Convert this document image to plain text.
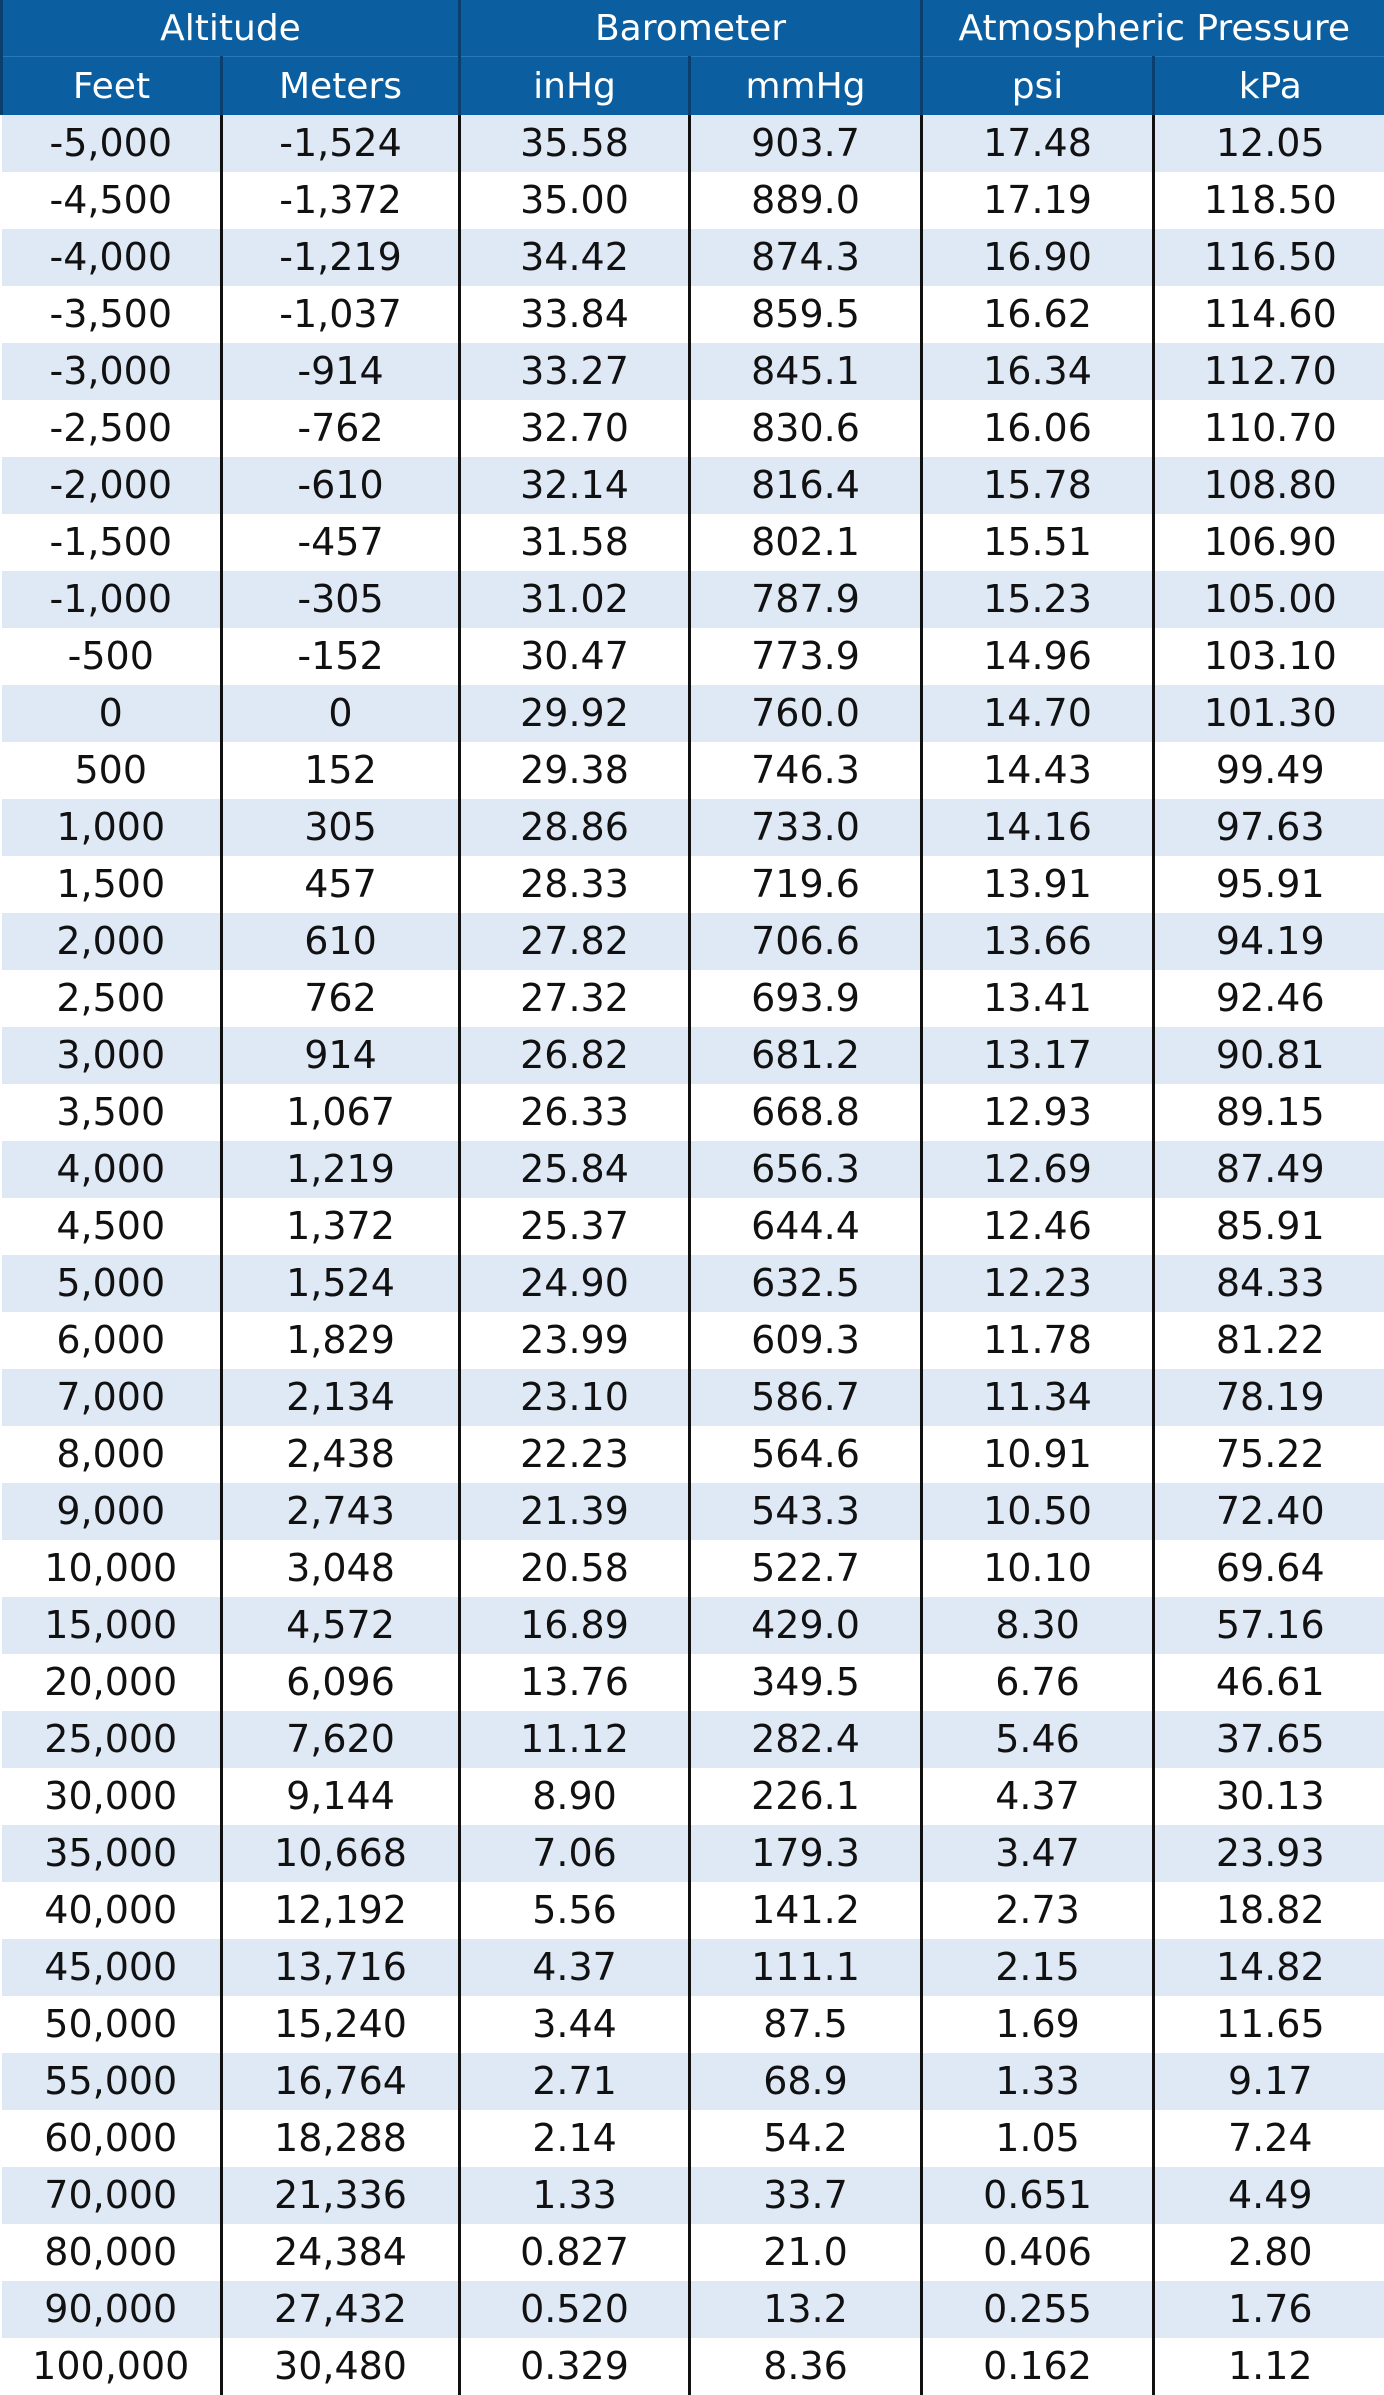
Altitude		Barometer		Atmospheric Pressure	
Feet	Meters	inHg	mmHg	psi	kPa
-5,000	-1,524	35.58	903.7	17.48	12.05
-4,500	-1,372	35.00	889.0	17.19	118.50
-4,000	-1,219	34.42	874.3	16.90	116.50
-3,500	-1,037	33.84	859.5	16.62	114.60
-3,000	-914	33.27	845.1	16.34	112.70
-2,500	-762	32.70	830.6	16.06	110.70
-2,000	-610	32.14	816.4	15.78	108.80
-1,500	-457	31.58	802.1	15.51	106.90
-1,000	-305	31.02	787.9	15.23	105.00
-500	-152	30.47	773.9	14.96	103.10
0	0	29.92	760.0	14.70	101.30
500	152	29.38	746.3	14.43	99.49
1,000	305	28.86	733.0	14.16	97.63
1,500	457	28.33	719.6	13.91	95.91
2,000	610	27.82	706.6	13.66	94.19
2,500	762	27.32	693.9	13.41	92.46
3,000	914	26.82	681.2	13.17	90.81
3,500	1,067	26.33	668.8	12.93	89.15
4,000	1,219	25.84	656.3	12.69	87.49
4,500	1,372	25.37	644.4	12.46	85.91
5,000	1,524	24.90	632.5	12.23	84.33
6,000	1,829	23.99	609.3	11.78	81.22
7,000	2,134	23.10	586.7	11.34	78.19
8,000	2,438	22.23	564.6	10.91	75.22
9,000	2,743	21.39	543.3	10.50	72.40
10,000	3,048	20.58	522.7	10.10	69.64
15,000	4,572	16.89	429.0	8.30	57.16
20,000	6,096	13.76	349.5	6.76	46.61
25,000	7,620	11.12	282.4	5.46	37.65
30,000	9,144	8.90	226.1	4.37	30.13
35,000	10,668	7.06	179.3	3.47	23.93
40,000	12,192	5.56	141.2	2.73	18.82
45,000	13,716	4.37	111.1	2.15	14.82
50,000	15,240	3.44	87.5	1.69	11.65
55,000	16,764	2.71	68.9	1.33	9.17
60,000	18,288	2.14	54.2	1.05	7.24
70,000	21,336	1.33	33.7	0.651	4.49
80,000	24,384	0.827	21.0	0.406	2.80
90,000	27,432	0.520	13.2	0.255	1.76
100,000	30,480	0.329	8.36	0.162	1.12
